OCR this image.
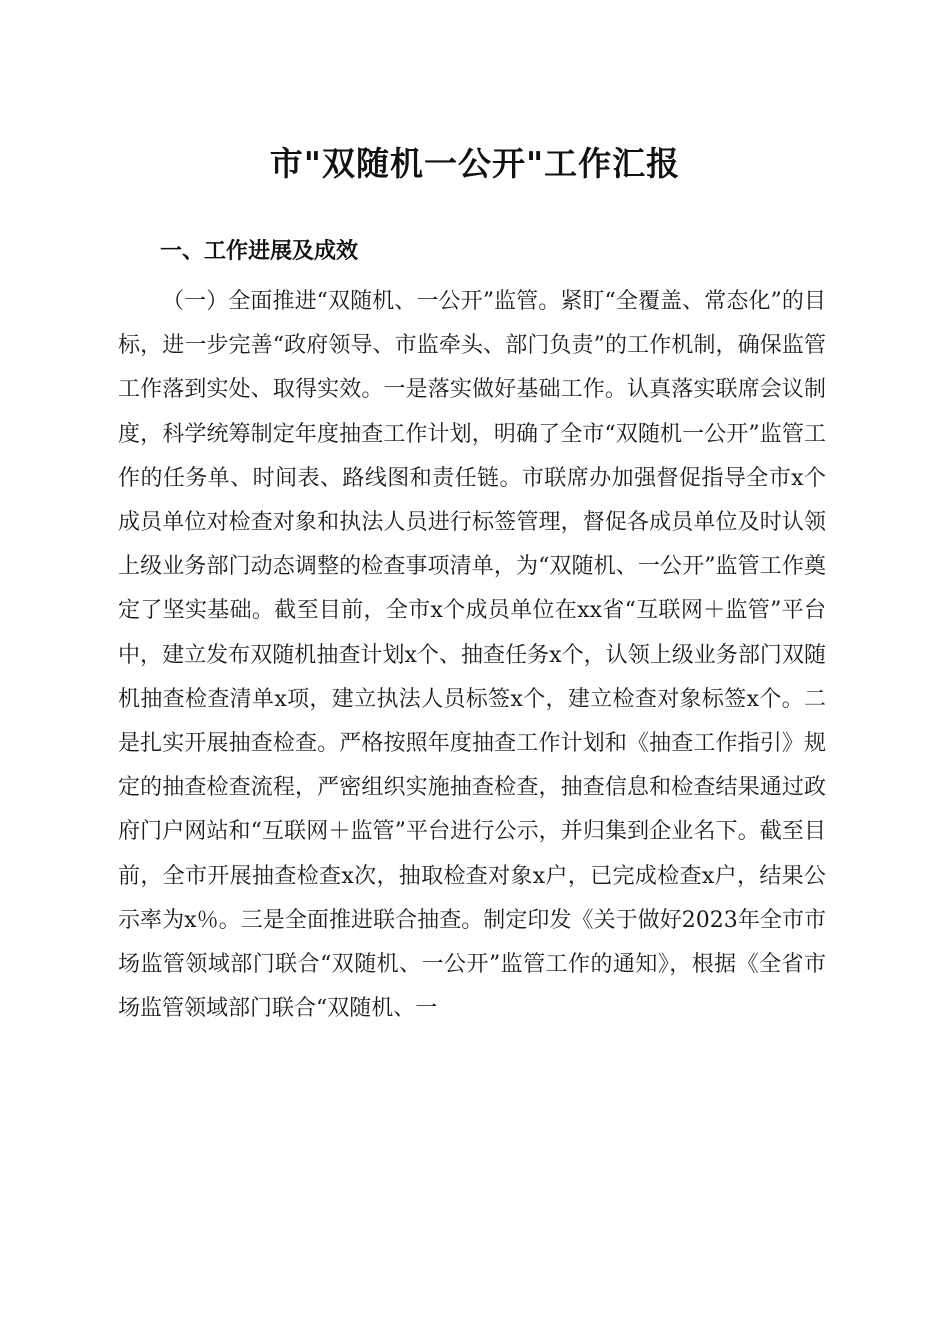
市"双随机一公开"工作汇报
一、工作进展及成效

（一）全面推进“双随机、一公开”监管。紧盯“全覆盖、常态化”的目标，进一步完善“政府领导、市监牵头、部门负责”的工作机制，确保监管工作落到实处、取得实效。一是落实做好基础工作。认真落实联席会议制度，科学统筹制定年度抽查工作计划，明确了全市“双随机一公开”监管工作的任务单、时间表、路线图和责任链。市联席办加强督促指导全市x个成员单位对检查对象和执法人员进行标签管理，督促各成员单位及时认领上级业务部门动态调整的检查事项清单，为“双随机、一公开”监管工作奠定了坚实基础。截至目前，全市x个成员单位在xx省“互联网＋监管”平台中，建立发布双随机抽查计划x个、抽查任务x个，认领上级业务部门双随机抽查检查清单x项，建立执法人员标签x个，建立检查对象标签x个。二是扎实开展抽查检查。严格按照年度抽查工作计划和《抽查工作指引》规定的抽查检查流程，严密组织实施抽查检查，抽查信息和检查结果通过政府门户网站和“互联网＋监管”平台进行公示，并归集到企业名下。截至目前，全市开展抽查检查x次，抽取检查对象x户，已完成检查x户，结果公示率为x％。三是全面推进联合抽查。制定印发《关于做好2023年全市市场监管领域部门联合“双随机、一公开”监管工作的通知》，根据《全省市场监管领域部门联合“双随机、一
